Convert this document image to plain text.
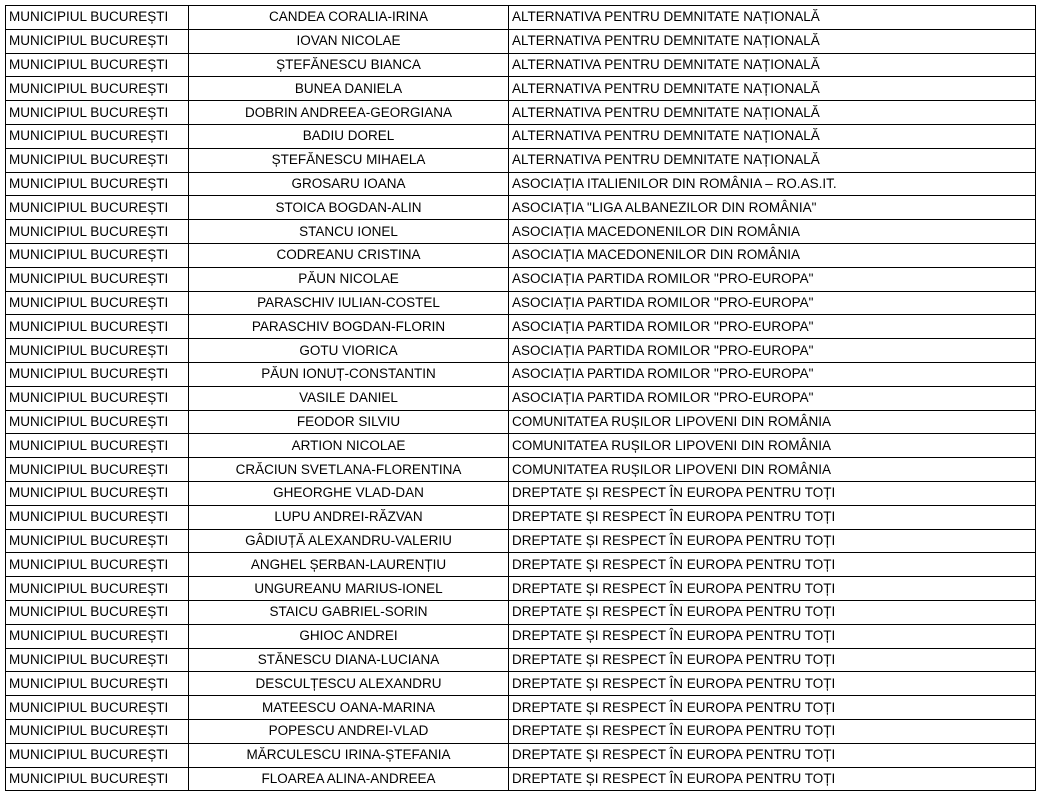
MUNICIPIUL BUCUREȘTI	CANDEA CORALIA-IRINA	ALTERNATIVA PENTRU DEMNITATE NAȚIONALĂ
MUNICIPIUL BUCUREȘTI	IOVAN NICOLAE	ALTERNATIVA PENTRU DEMNITATE NAȚIONALĂ
MUNICIPIUL BUCUREȘTI	ȘTEFĂNESCU BIANCA	ALTERNATIVA PENTRU DEMNITATE NAȚIONALĂ
MUNICIPIUL BUCUREȘTI	BUNEA DANIELA	ALTERNATIVA PENTRU DEMNITATE NAȚIONALĂ
MUNICIPIUL BUCUREȘTI	DOBRIN ANDREEA-GEORGIANA	ALTERNATIVA PENTRU DEMNITATE NAȚIONALĂ
MUNICIPIUL BUCUREȘTI	BADIU DOREL	ALTERNATIVA PENTRU DEMNITATE NAȚIONALĂ
MUNICIPIUL BUCUREȘTI	ȘTEFĂNESCU MIHAELA	ALTERNATIVA PENTRU DEMNITATE NAȚIONALĂ
MUNICIPIUL BUCUREȘTI	GROSARU IOANA	ASOCIAȚIA ITALIENILOR DIN ROMÂNIA – RO.AS.IT.
MUNICIPIUL BUCUREȘTI	STOICA BOGDAN-ALIN	ASOCIAȚIA "LIGA ALBANEZILOR DIN ROMÂNIA"
MUNICIPIUL BUCUREȘTI	STANCU IONEL	ASOCIAȚIA MACEDONENILOR DIN ROMÂNIA
MUNICIPIUL BUCUREȘTI	CODREANU CRISTINA	ASOCIAȚIA MACEDONENILOR DIN ROMÂNIA
MUNICIPIUL BUCUREȘTI	PĂUN NICOLAE	ASOCIAȚIA PARTIDA ROMILOR "PRO-EUROPA"
MUNICIPIUL BUCUREȘTI	PARASCHIV IULIAN-COSTEL	ASOCIAȚIA PARTIDA ROMILOR "PRO-EUROPA"
MUNICIPIUL BUCUREȘTI	PARASCHIV BOGDAN-FLORIN	ASOCIAȚIA PARTIDA ROMILOR "PRO-EUROPA"
MUNICIPIUL BUCUREȘTI	GOTU VIORICA	ASOCIAȚIA PARTIDA ROMILOR "PRO-EUROPA"
MUNICIPIUL BUCUREȘTI	PĂUN IONUȚ-CONSTANTIN	ASOCIAȚIA PARTIDA ROMILOR "PRO-EUROPA"
MUNICIPIUL BUCUREȘTI	VASILE DANIEL	ASOCIAȚIA PARTIDA ROMILOR "PRO-EUROPA"
MUNICIPIUL BUCUREȘTI	FEODOR SILVIU	COMUNITATEA RUȘILOR LIPOVENI DIN ROMÂNIA
MUNICIPIUL BUCUREȘTI	ARTION NICOLAE	COMUNITATEA RUȘILOR LIPOVENI DIN ROMÂNIA
MUNICIPIUL BUCUREȘTI	CRĂCIUN SVETLANA-FLORENTINA	COMUNITATEA RUȘILOR LIPOVENI DIN ROMÂNIA
MUNICIPIUL BUCUREȘTI	GHEORGHE VLAD-DAN	DREPTATE ȘI RESPECT ÎN EUROPA PENTRU TOȚI
MUNICIPIUL BUCUREȘTI	LUPU ANDREI-RĂZVAN	DREPTATE ȘI RESPECT ÎN EUROPA PENTRU TOȚI
MUNICIPIUL BUCUREȘTI	GÂDIUȚĂ ALEXANDRU-VALERIU	DREPTATE ȘI RESPECT ÎN EUROPA PENTRU TOȚI
MUNICIPIUL BUCUREȘTI	ANGHEL ȘERBAN-LAURENȚIU	DREPTATE ȘI RESPECT ÎN EUROPA PENTRU TOȚI
MUNICIPIUL BUCUREȘTI	UNGUREANU MARIUS-IONEL	DREPTATE ȘI RESPECT ÎN EUROPA PENTRU TOȚI
MUNICIPIUL BUCUREȘTI	STAICU GABRIEL-SORIN	DREPTATE ȘI RESPECT ÎN EUROPA PENTRU TOȚI
MUNICIPIUL BUCUREȘTI	GHIOC ANDREI	DREPTATE ȘI RESPECT ÎN EUROPA PENTRU TOȚI
MUNICIPIUL BUCUREȘTI	STĂNESCU DIANA-LUCIANA	DREPTATE ȘI RESPECT ÎN EUROPA PENTRU TOȚI
MUNICIPIUL BUCUREȘTI	DESCULȚESCU ALEXANDRU	DREPTATE ȘI RESPECT ÎN EUROPA PENTRU TOȚI
MUNICIPIUL BUCUREȘTI	MATEESCU OANA-MARINA	DREPTATE ȘI RESPECT ÎN EUROPA PENTRU TOȚI
MUNICIPIUL BUCUREȘTI	POPESCU ANDREI-VLAD	DREPTATE ȘI RESPECT ÎN EUROPA PENTRU TOȚI
MUNICIPIUL BUCUREȘTI	MĂRCULESCU IRINA-ȘTEFANIA	DREPTATE ȘI RESPECT ÎN EUROPA PENTRU TOȚI
MUNICIPIUL BUCUREȘTI	FLOAREA ALINA-ANDREEA	DREPTATE ȘI RESPECT ÎN EUROPA PENTRU TOȚI
